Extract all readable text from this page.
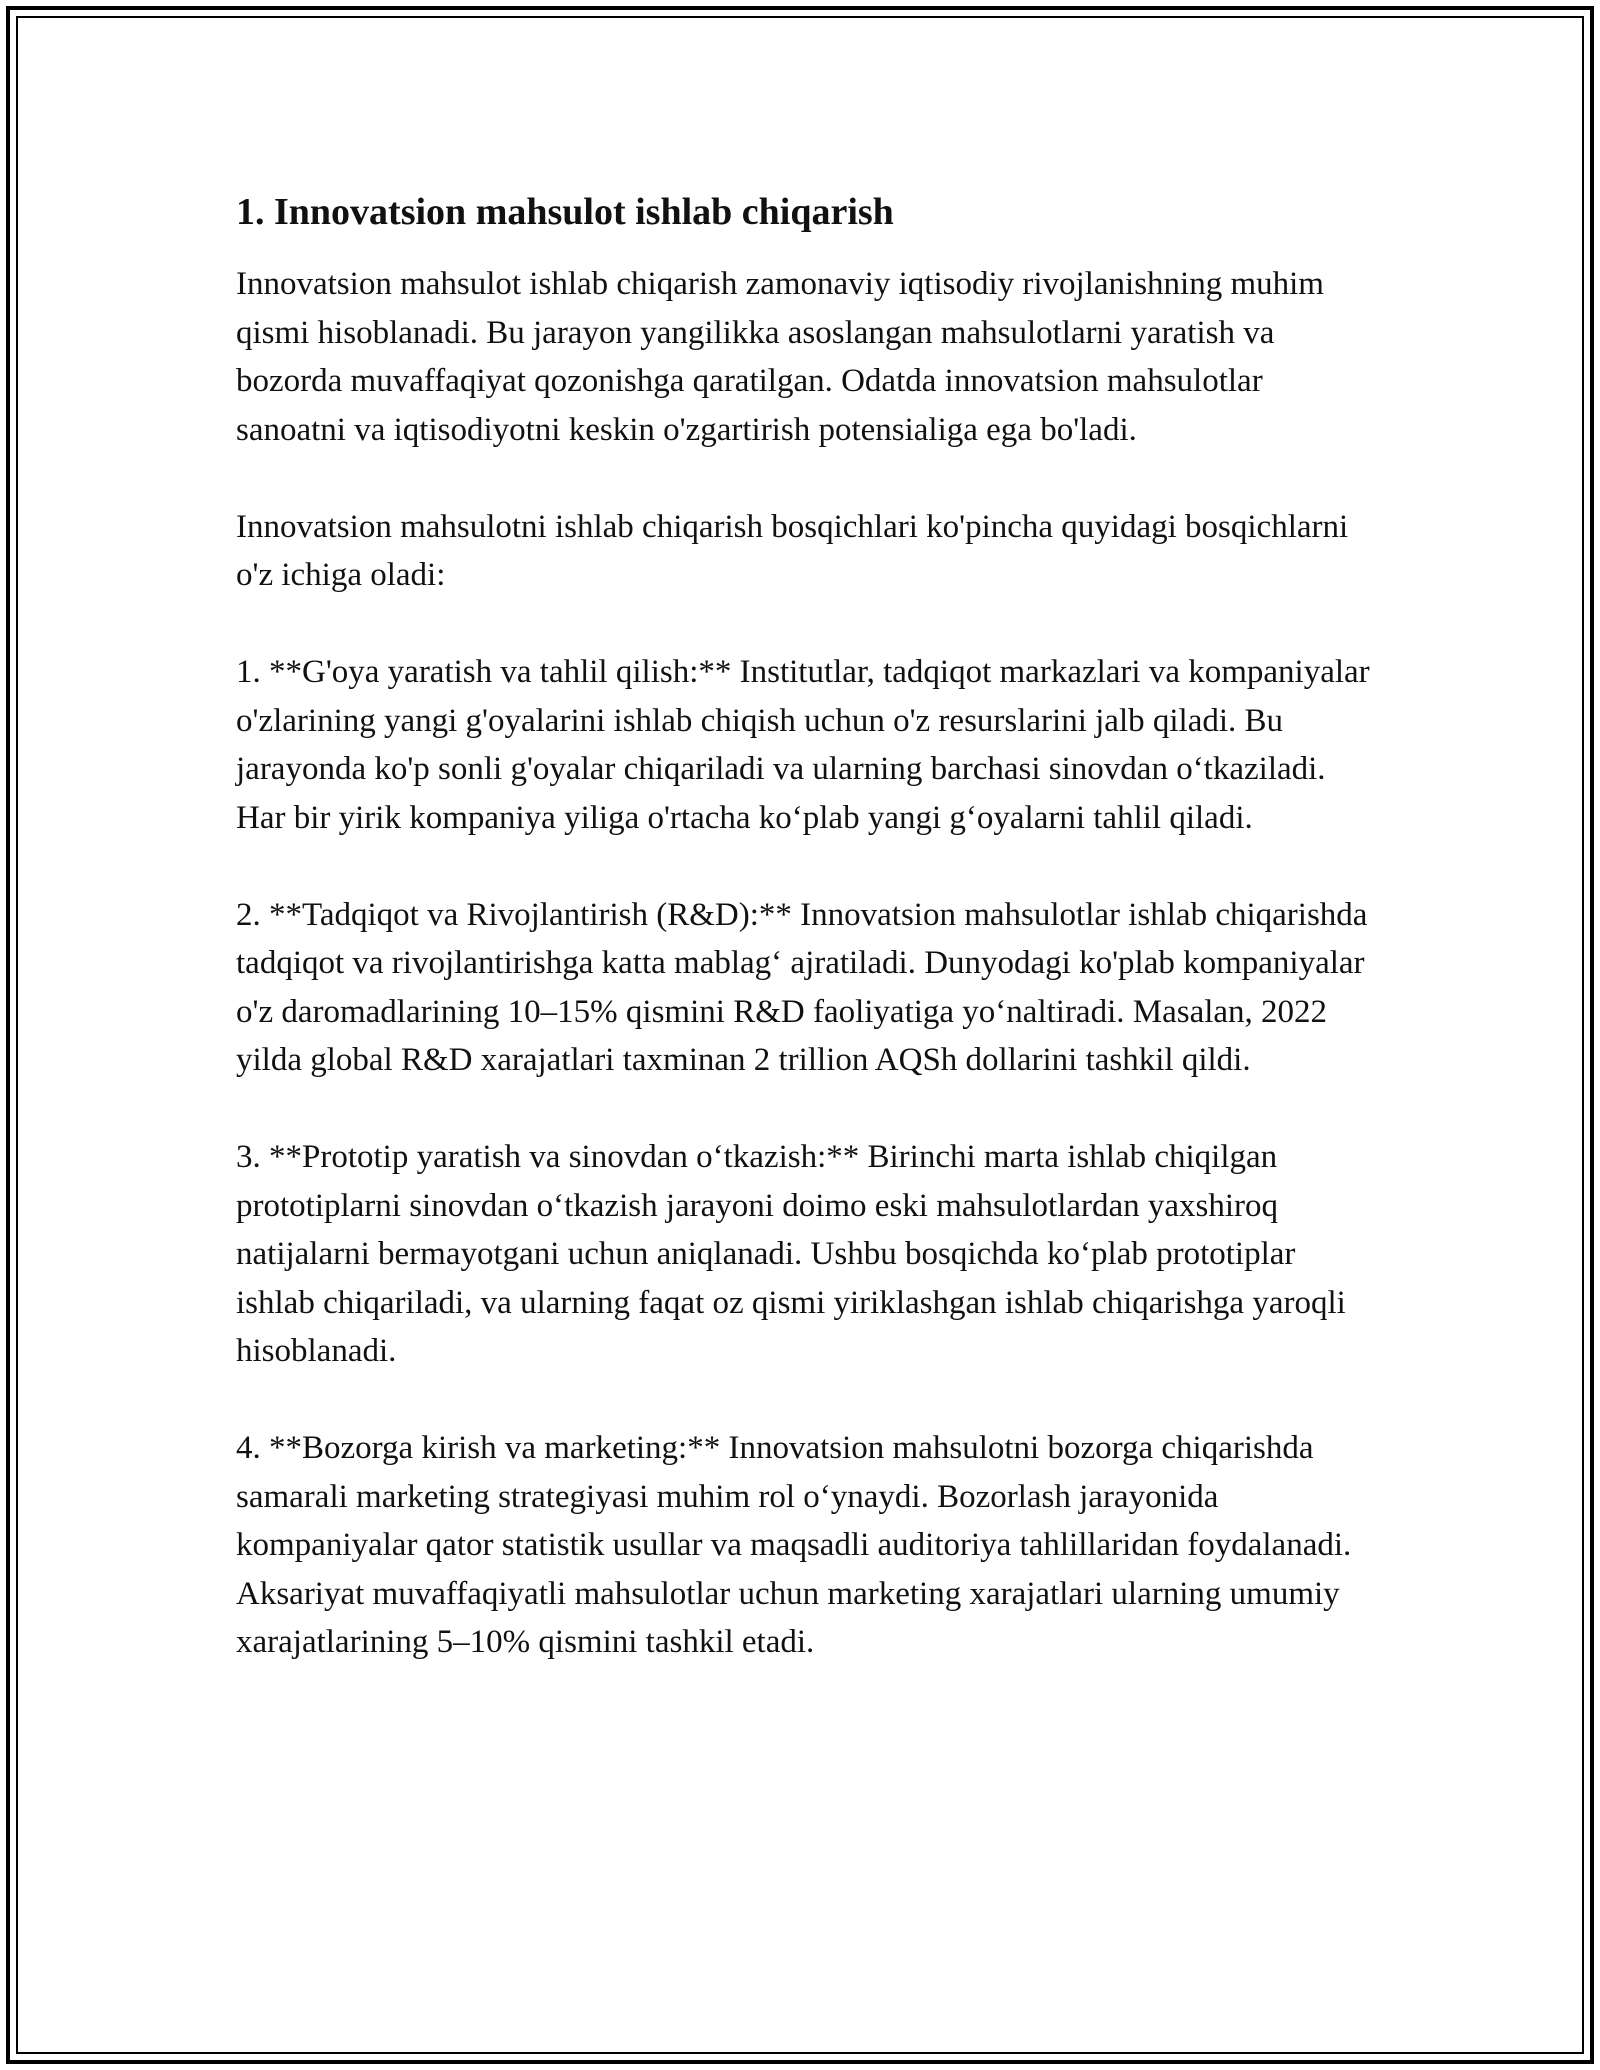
1. Innovatsion mahsulot ishlab chiqarish

Innovatsion mahsulot ishlab chiqarish zamonaviy iqtisodiy rivojlanishning muhim qismi hisoblanadi. Bu jarayon yangilikka asoslangan mahsulotlarni yaratish va bozorda muvaffaqiyat qozonishga qaratilgan. Odatda innovatsion mahsulotlar sanoatni va iqtisodiyotni keskin o'zgartirish potensialiga ega bo'ladi.

Innovatsion mahsulotni ishlab chiqarish bosqichlari ko'pincha quyidagi bosqichlarni o'z ichiga oladi:

1. **G'oya yaratish va tahlil qilish:** Institutlar, tadqiqot markazlari va kompaniyalar o'zlarining yangi g'oyalarini ishlab chiqish uchun o'z resurslarini jalb qiladi. Bu jarayonda ko'p sonli g'oyalar chiqariladi va ularning barchasi sinovdan o‘tkaziladi. Har bir yirik kompaniya yiliga o'rtacha ko‘plab yangi g‘oyalarni tahlil qiladi.

2. **Tadqiqot va Rivojlantirish (R&D):** Innovatsion mahsulotlar ishlab chiqarishda tadqiqot va rivojlantirishga katta mablag‘ ajratiladi. Dunyodagi ko'plab kompaniyalar o'z daromadlarining 10–15% qismini R&D faoliyatiga yo‘naltiradi. Masalan, 2022 yilda global R&D xarajatlari taxminan 2 trillion AQSh dollarini tashkil qildi.

3. **Prototip yaratish va sinovdan o‘tkazish:** Birinchi marta ishlab chiqilgan prototiplarni sinovdan o‘tkazish jarayoni doimo eski mahsulotlardan yaxshiroq natijalarni bermayotgani uchun aniqlanadi. Ushbu bosqichda ko‘plab prototiplar ishlab chiqariladi, va ularning faqat oz qismi yiriklashgan ishlab chiqarishga yaroqli hisoblanadi.

4. **Bozorga kirish va marketing:** Innovatsion mahsulotni bozorga chiqarishda samarali marketing strategiyasi muhim rol o‘ynaydi. Bozorlash jarayonida kompaniyalar qator statistik usullar va maqsadli auditoriya tahlillaridan foydalanadi. Aksariyat muvaffaqiyatli mahsulotlar uchun marketing xarajatlari ularning umumiy xarajatlarining 5–10% qismini tashkil etadi.
